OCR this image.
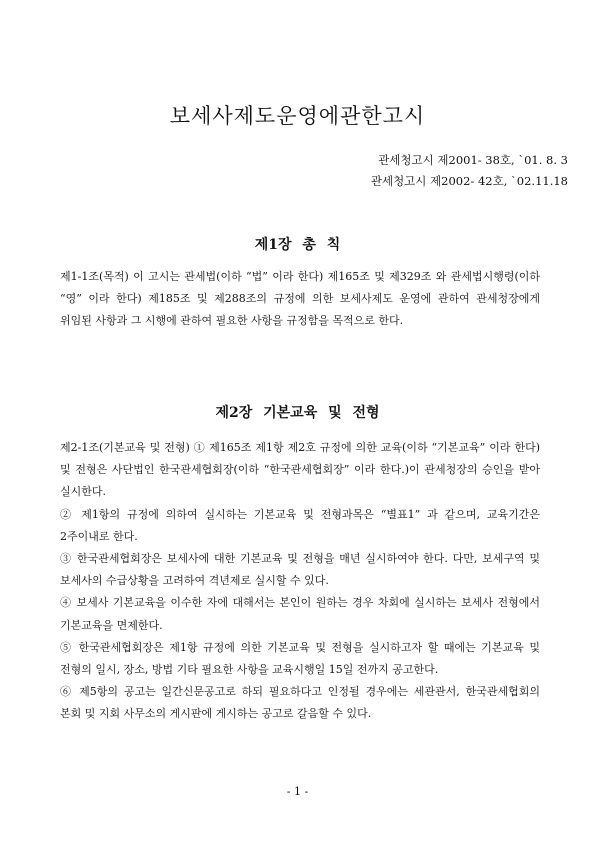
보세사제도운영에관한고시
관세청고시 제2001- 38호, `01. 8. 3
관세청고시 제2002- 42호, `02.11.18
제1장 총 칙

제1-1조(목적) 이 고시는 관세법(이하 “법” 이라 한다) 제165조 및 제329조 와 관세법시행령(이하 “영” 이라 한다) 제185조 및 제288조의 규정에 의한 보세사제도 운영에 관하여 관세청장에게 위임된 사항과 그 시행에 관하여 필요한 사항을 규정함을 목적으로 한다.

제2장 기본교육 및 전형

제2-1조(기본교육 및 전형) ① 제165조 제1항 제2호 규정에 의한 교육(이하 “기본교육” 이라 한다) 및 전형은 사단법인 한국관세협회장(이하 “한국관세협회장” 이라 한다.)이 관세청장의 승인을 받아 실시한다.

② 제1항의 규정에 의하여 실시하는 기본교육 및 전형과목은 “별표1” 과 같으며, 교육기간은 2주이내로 한다.

③ 한국관세협회장은 보세사에 대한 기본교육 및 전형을 매년 실시하여야 한다. 다만, 보세구역 및 보세사의 수급상황을 고려하여 격년제로 실시할 수 있다.

④ 보세사 기본교육을 이수한 자에 대해서는 본인이 원하는 경우 차회에 실시하는 보세사 전형에서 기본교육을 면제한다.

⑤ 한국관세협회장은 제1항 규정에 의한 기본교육 및 전형을 실시하고자 할 때에는 기본교육 및 전형의 일시, 장소, 방법 기타 필요한 사항을 교육시행일 15일 전까지 공고한다.

⑥ 제5항의 공고는 일간신문공고로 하되 필요하다고 인정될 경우에는 세관관서, 한국관세협회의 본회 및 지회 사무소의 게시판에 게시하는 공고로 갈음할 수 있다.

- 1 -
